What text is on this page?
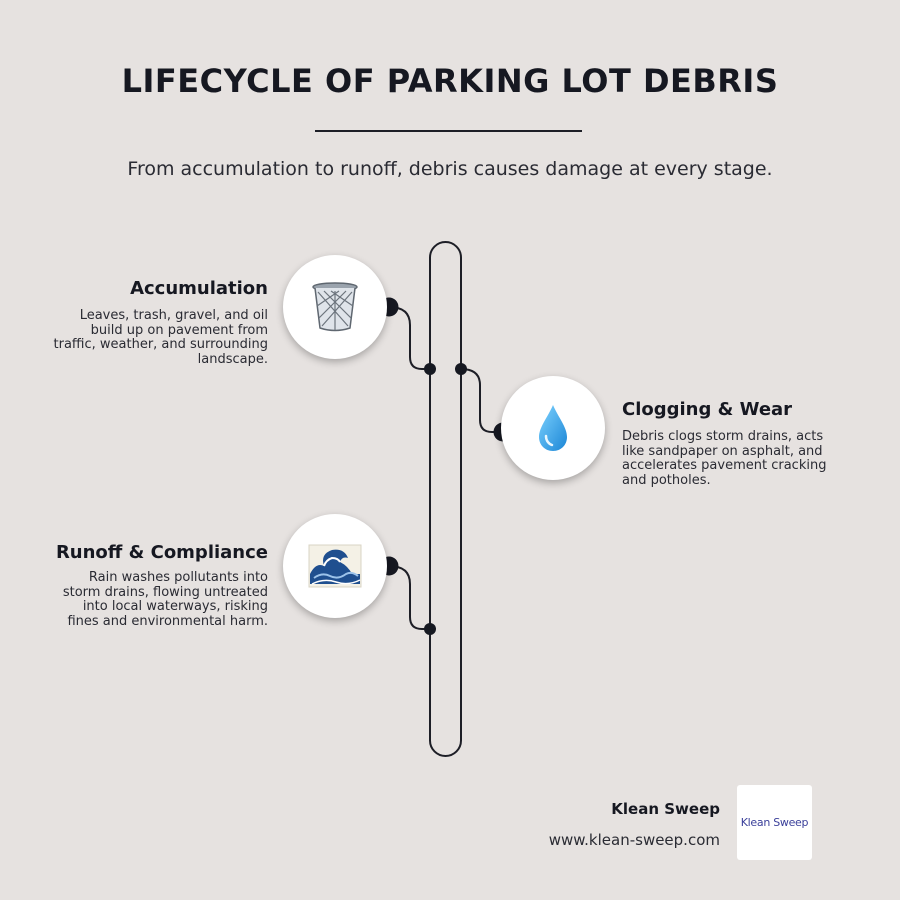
LIFECYCLE OF PARKING LOT DEBRIS
From accumulation to runoff, debris causes damage at every stage.
Accumulation
Leaves, trash, gravel, and oil build up on pavement from traffic, weather, and surrounding landscape.
Clogging & Wear
Debris clogs storm drains, acts like sandpaper on asphalt, and accelerates pavement cracking and potholes.
Runoff & Compliance
Rain washes pollutants into storm drains, flowing untreated into local waterways, risking fines and environmental harm.
Klean Sweep
www.klean-sweep.com
Klean Sweep
